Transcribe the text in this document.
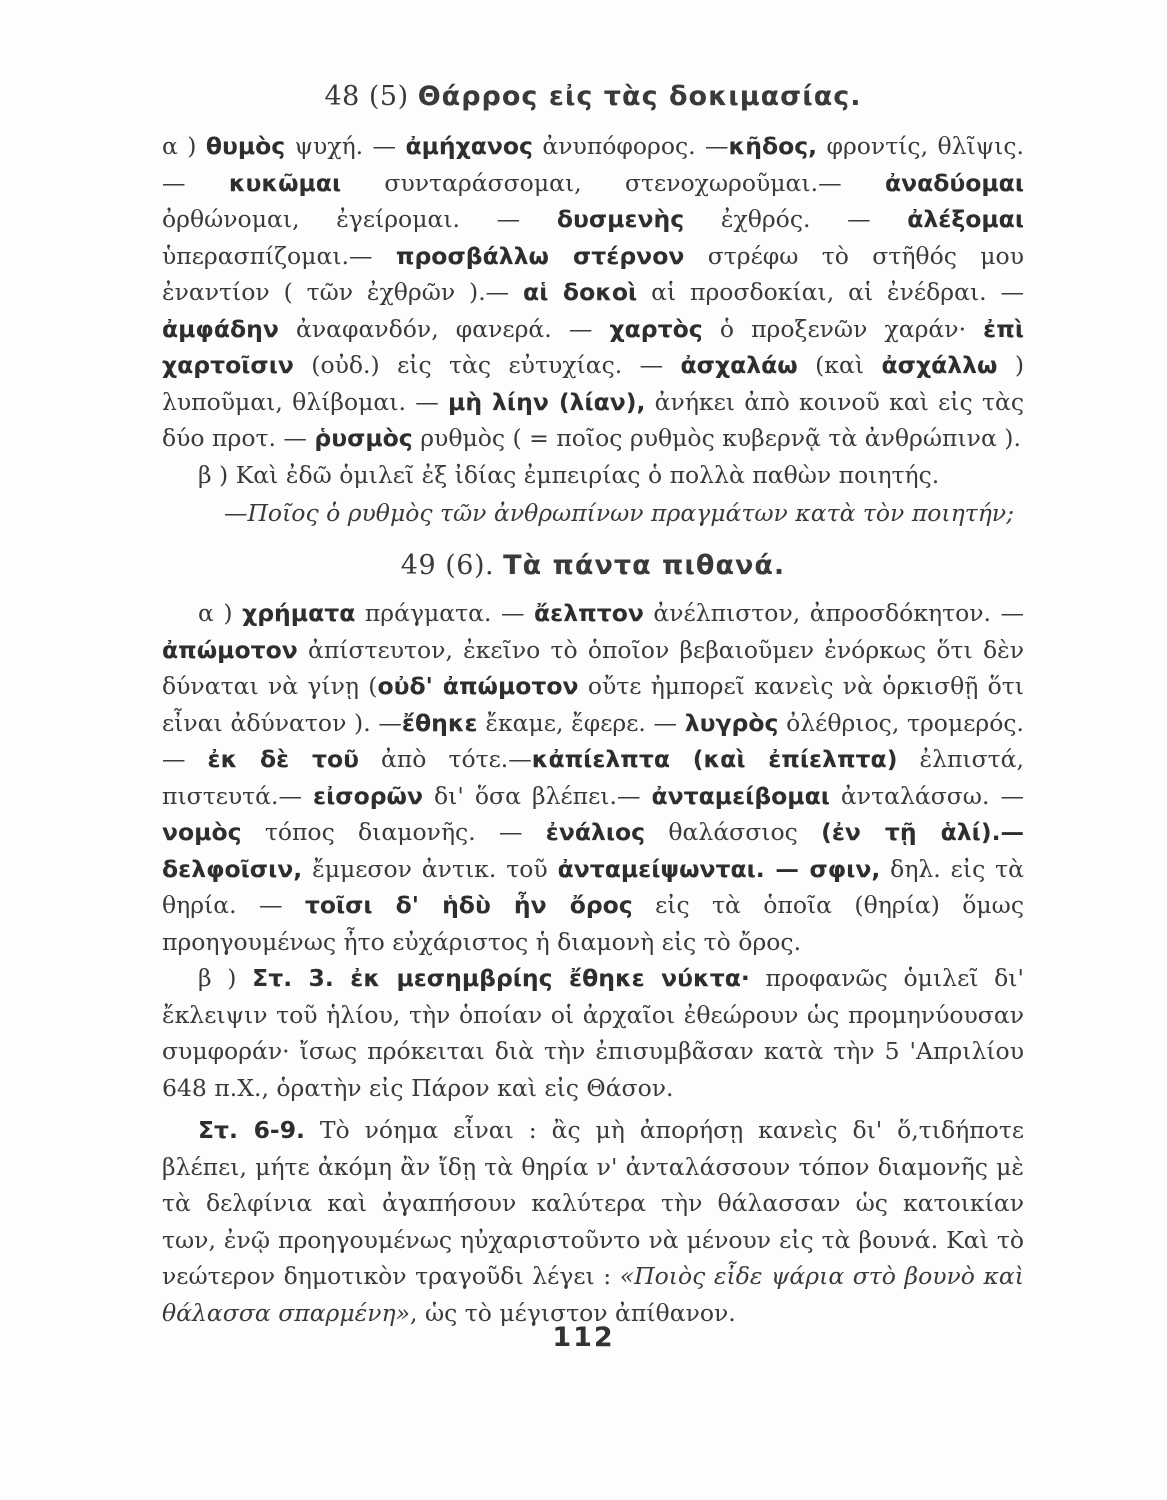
48 (5) Θάρρος εἰς τὰς δοκιμασίας.

α ) θυμὸς ψυχή. — ἀμήχανος ἀνυπόφορος. —κῆδος, φροντίς, θλῖψις. — κυκῶμαι συνταράσσομαι, στενοχωροῦμαι.— ἀναδύομαι ὀρθώνομαι, ἐγείρομαι. — δυσμενὴς ἐχθρός. — ἀλέξομαι ὑπερασπίζομαι.— προσβάλλω στέρνον στρέφω τὸ στῆθός μου ἐναντίον ( τῶν ἐχθρῶν ).— αἱ δοκοὶ αἱ προσδοκίαι, αἱ ἐνέδραι. — ἀμφάδην ἀναφανδόν, φανερά. — χαρτὸς ὁ προξενῶν χαράν· ἐπὶ χαρτοῖσιν (οὐδ.) εἰς τὰς εὐτυχίας. — ἀσχαλάω (καὶ ἀσχάλλω ) λυποῦμαι, θλίβομαι. — μὴ λίην (λίαν), ἀνήκει ἀπὸ κοινοῦ καὶ εἰς τὰς δύο προτ. — ῥυσμὸς ρυθμὸς ( = ποῖος ρυθμὸς κυβερνᾷ τὰ ἀνθρώπινα ).

β ) Καὶ ἐδῶ ὁμιλεῖ ἐξ ἰδίας ἐμπειρίας ὁ πολλὰ παθὼν ποιητής.

—Ποῖος ὁ ρυθμὸς τῶν ἀνθρωπίνων πραγμάτων κατὰ τὸν ποιητήν;
49 (6). Τὰ πάντα πιθανά.

α ) χρήματα πράγματα. — ἄελπτον ἀνέλπιστον, ἀπροσδόκητον. — ἀπώμοτον ἀπίστευτον, ἐκεῖνο τὸ ὁποῖον βεβαιοῦμεν ἐνόρκως ὅτι δὲν δύναται νὰ γίνῃ (οὐδ' ἀπώμοτον οὔτε ἠμπορεῖ κανεὶς νὰ ὁρκισθῇ ὅτι εἶναι ἀδύνατον ). —ἔθηκε ἔκαμε, ἔφερε. — λυγρὸς ὀλέθριος, τρομερός.— ἐκ δὲ τοῦ ἀπὸ τότε.—κἀπίελπτα (καὶ ἐπίελπτα) ἐλπιστά, πιστευτά.— εἰσορῶν δι' ὅσα βλέπει.— ἀνταμείβομαι ἀνταλάσσω. — νομὸς τόπος διαμονῆς. — ἐνάλιος θαλάσσιος (ἐν τῇ ἁλί).— δελφοῖσιν, ἔμμεσον ἀντικ. τοῦ ἀνταμείψωνται. — σφιν, δηλ. εἰς τὰ θηρία. — τοῖσι δ' ἡδὺ ἦν ὄρος εἰς τὰ ὁποῖα (θηρία) ὅμως προηγουμένως ἦτο εὐχάριστος ἡ διαμονὴ εἰς τὸ ὄρος.

β ) Στ. 3. ἐκ μεσημβρίης ἔθηκε νύκτα· προφανῶς ὁμιλεῖ δι' ἔκλειψιν τοῦ ἡλίου, τὴν ὁποίαν οἱ ἀρχαῖοι ἐθεώρουν ὡς προμηνύουσαν συμφοράν· ἴσως πρόκειται διὰ τὴν ἐπισυμβᾶσαν κατὰ τὴν 5 'Απριλίου 648 π.Χ., ὁρατὴν εἰς Πάρον καὶ εἰς Θάσον.

Στ. 6-9. Τὸ νόημα εἶναι : ἂς μὴ ἀπορήσῃ κανεὶς δι' ὅ,τιδήποτε βλέπει, μήτε ἀκόμη ἂν ἴδῃ τὰ θηρία ν' ἀνταλάσσουν τόπον διαμονῆς μὲ τὰ δελφίνια καὶ ἀγαπήσουν καλύτερα τὴν θάλασσαν ὡς κατοικίαν των, ἐνῷ προηγουμένως ηὐχαριστοῦντο νὰ μένουν εἰς τὰ βουνά. Καὶ τὸ νεώτερον δημοτικὸν τραγοῦδι λέγει : «Ποιὸς εἶδε ψάρια στὸ βουνὸ καὶ θάλασσα σπαρμένη», ὡς τὸ μέγιστον ἀπίθανον.

112
